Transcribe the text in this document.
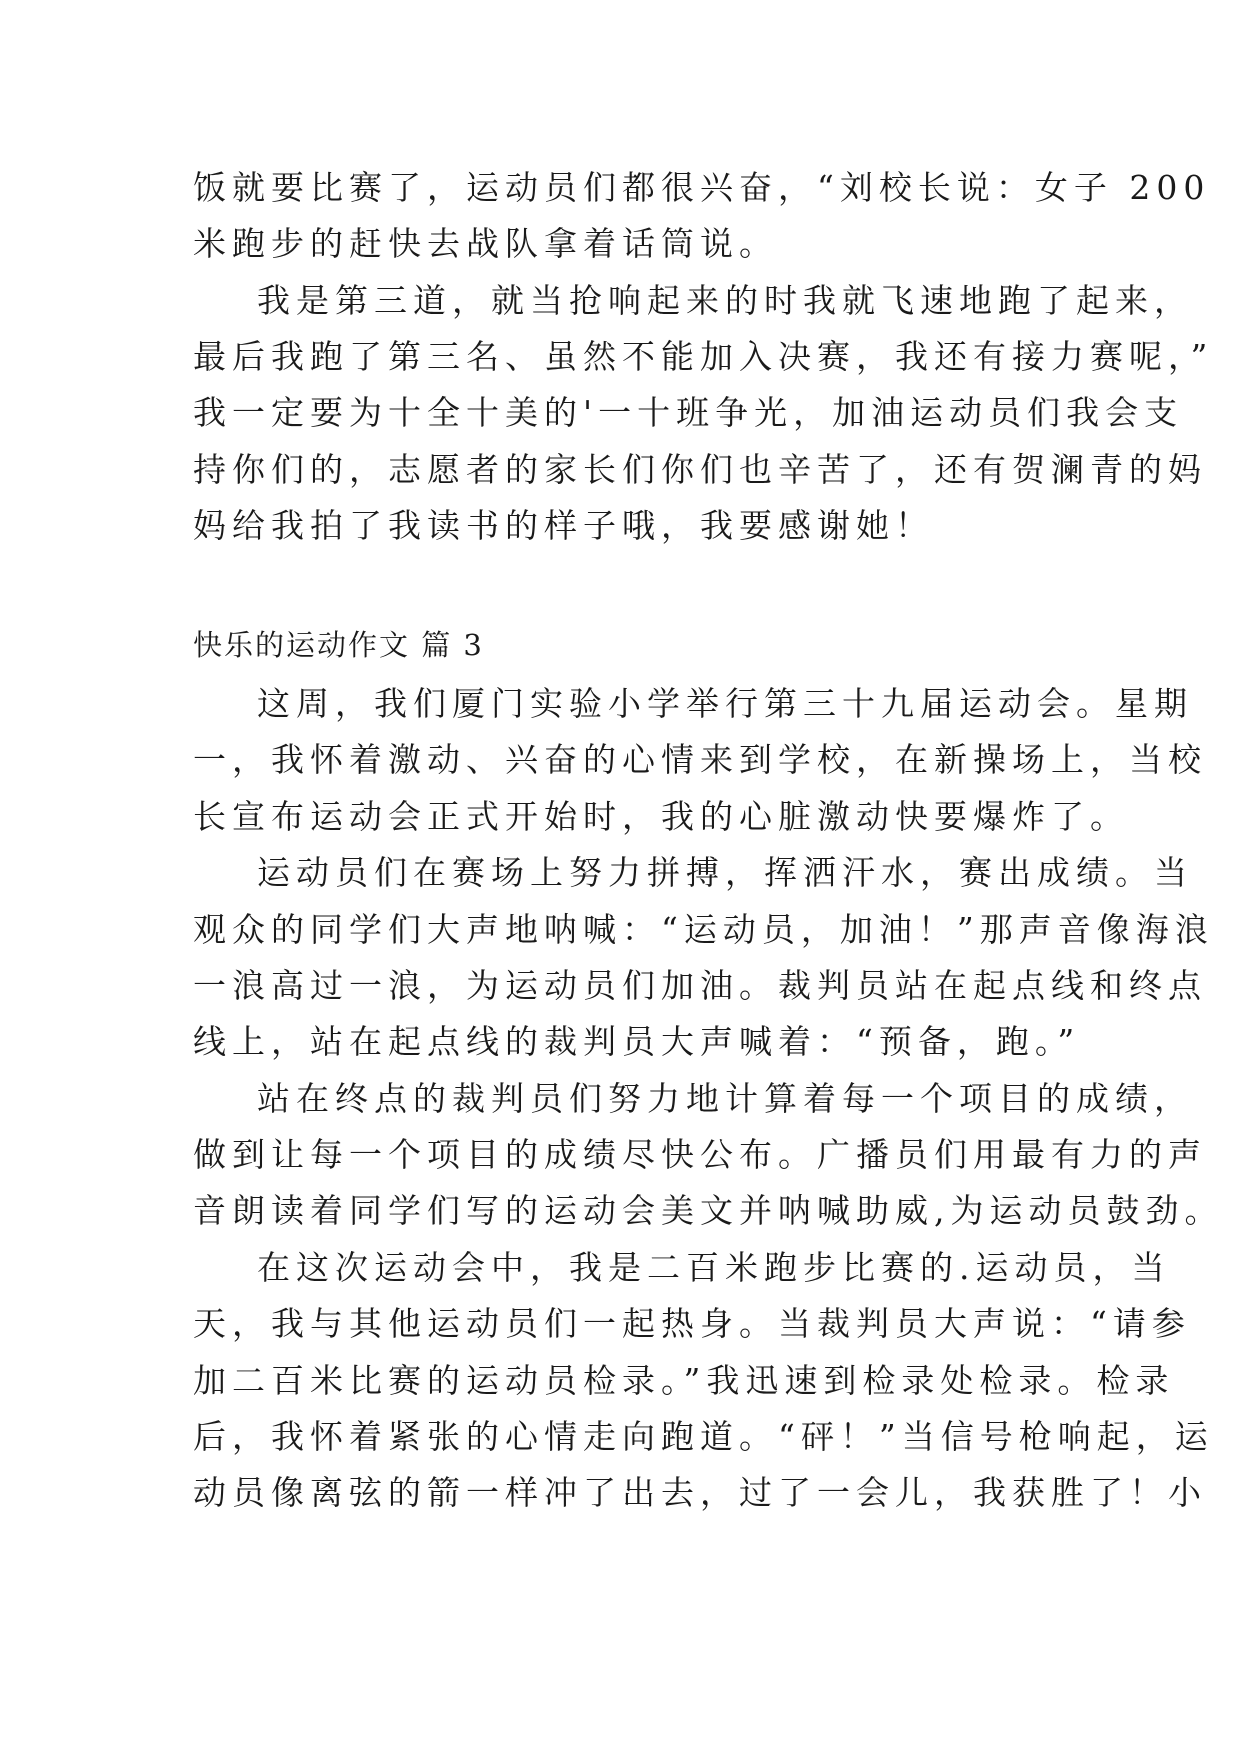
饭就要比赛了，运动员们都很兴奋，“刘校长说：女子 200
米跑步的赶快去战队拿着话筒说。
我是第三道，就当抢响起来的时我就飞速地跑了起来，
最后我跑了第三名、虽然不能加入决赛，我还有接力赛呢，”
我一定要为十全十美的'一十班争光，加油运动员们我会支
持你们的，志愿者的家长们你们也辛苦了，还有贺澜青的妈
妈给我拍了我读书的样子哦，我要感谢她！
快乐的运动作文 篇 3
这周，我们厦门实验小学举行第三十九届运动会。星期
一，我怀着激动、兴奋的心情来到学校，在新操场上，当校
长宣布运动会正式开始时，我的心脏激动快要爆炸了。
运动员们在赛场上努力拼搏，挥洒汗水，赛出成绩。当
观众的同学们大声地呐喊：“运动员，加油！”那声音像海浪
一浪高过一浪，为运动员们加油。裁判员站在起点线和终点
线上，站在起点线的裁判员大声喊着：“预备，跑。”
站在终点的裁判员们努力地计算着每一个项目的成绩，
做到让每一个项目的成绩尽快公布。广播员们用最有力的声
音朗读着同学们写的运动会美文并呐喊助威,为运动员鼓劲。
在这次运动会中，我是二百米跑步比赛的.运动员，当
天，我与其他运动员们一起热身。当裁判员大声说：“请参
加二百米比赛的运动员检录。”我迅速到检录处检录。检录
后，我怀着紧张的心情走向跑道。“砰！”当信号枪响起，运
动员像离弦的箭一样冲了出去，过了一会儿，我获胜了！小
